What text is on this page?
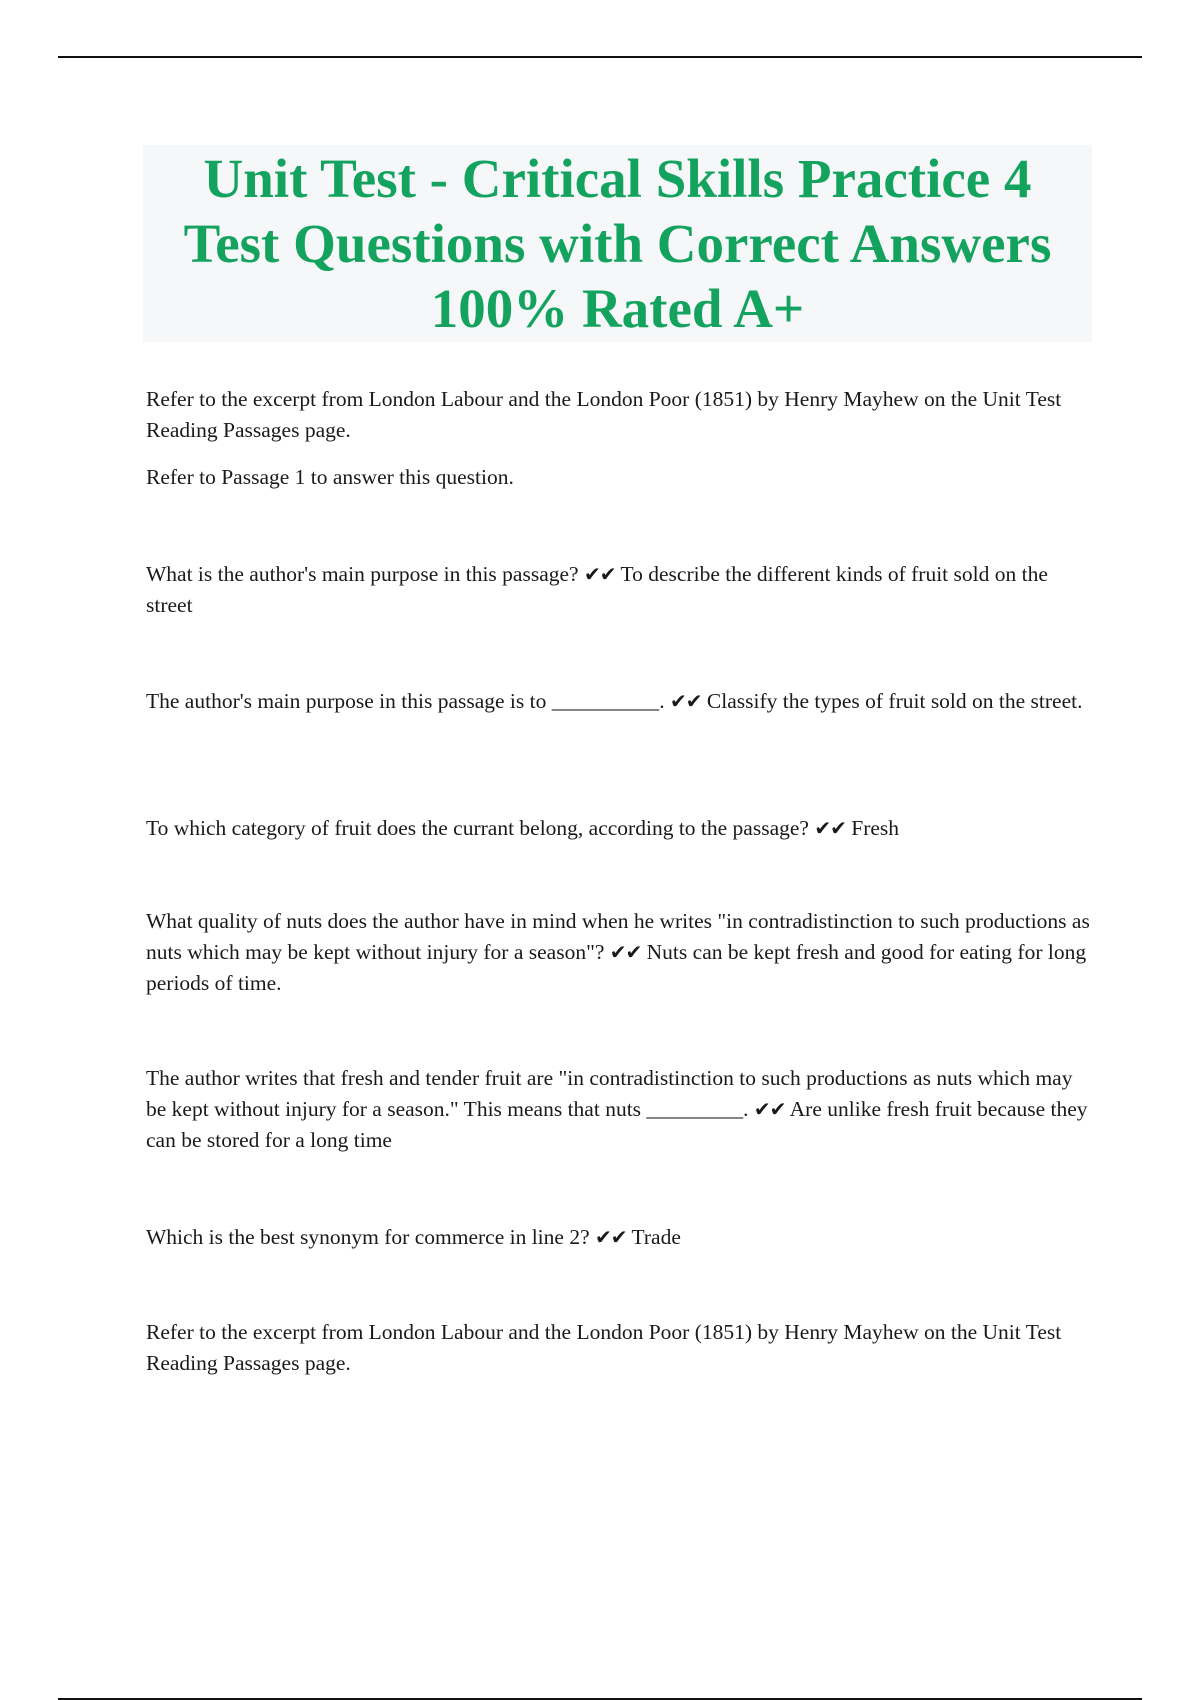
Unit Test - Critical Skills Practice 4
Test Questions with Correct Answers
100% Rated A+

Refer to the excerpt from London Labour and the London Poor (1851) by Henry Mayhew on the Unit Test Reading Passages page.

Refer to Passage 1 to answer this question.

What is the author's main purpose in this passage? ✔✔ To describe the different kinds of fruit sold on the street

The author's main purpose in this passage is to __________. ✔✔ Classify the types of fruit sold on the street.

To which category of fruit does the currant belong, according to the passage? ✔✔ Fresh

What quality of nuts does the author have in mind when he writes "in contradistinction to such productions as nuts which may be kept without injury for a season"? ✔✔ Nuts can be kept fresh and good for eating for long periods of time.

The author writes that fresh and tender fruit are "in contradistinction to such productions as nuts which may be kept without injury for a season." This means that nuts _________. ✔✔ Are unlike fresh fruit because they can be stored for a long time

Which is the best synonym for commerce in line 2? ✔✔ Trade

Refer to the excerpt from London Labour and the London Poor (1851) by Henry Mayhew on the Unit Test Reading Passages page.
